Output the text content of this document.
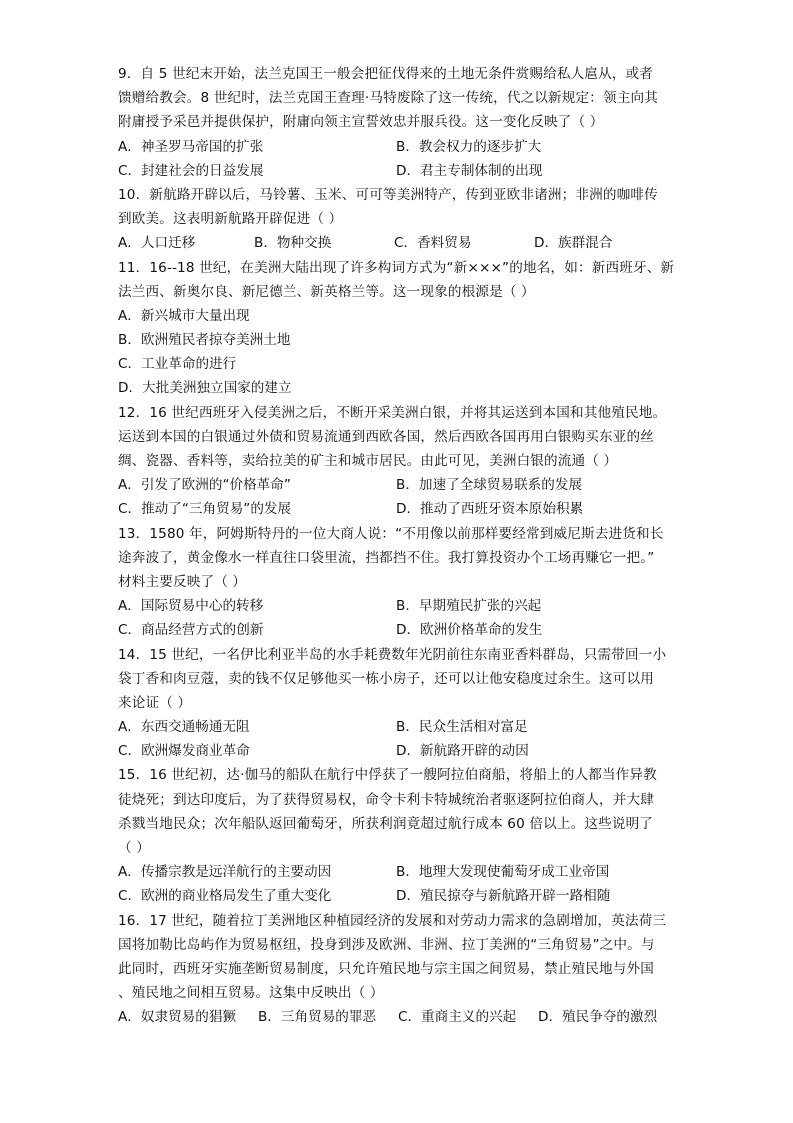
9．自 5 世纪末开始，法兰克国王一般会把征伐得来的土地无条件赏赐给私人扈从，或者
馈赠给教会。8 世纪时，法兰克国王查理·马特废除了这一传统，代之以新规定：领主向其
附庸授予采邑并提供保护，附庸向领主宣誓效忠并服兵役。这一变化反映了（ ）
A．神圣罗马帝国的扩张	B．教会权力的逐步扩大
C．封建社会的日益发展	D．君主专制体制的出现
10．新航路开辟以后，马铃薯、玉米、可可等美洲特产，传到亚欧非诸洲；非洲的咖啡传
到欧美。这表明新航路开辟促进（ ）
A．人口迁移	B．物种交换	C．香料贸易	D．族群混合
11．16--18 世纪，在美洲大陆出现了许多构词方式为“新×××”的地名，如：新西班牙、新
法兰西、新奥尔良、新尼德兰、新英格兰等。这一现象的根源是（ ）
A．新兴城市大量出现
B．欧洲殖民者掠夺美洲土地
C．工业革命的进行
D．大批美洲独立国家的建立
12．16 世纪西班牙入侵美洲之后，不断开采美洲白银，并将其运送到本国和其他殖民地。
运送到本国的白银通过外债和贸易流通到西欧各国，然后西欧各国再用白银购买东亚的丝
绸、瓷器、香料等，卖给拉美的矿主和城市居民。由此可见，美洲白银的流通（ ）
A．引发了欧洲的“价格革命”	B．加速了全球贸易联系的发展
C．推动了“三角贸易”的发展	D．推动了西班牙资本原始积累
13．1580 年，阿姆斯特丹的一位大商人说：“不用像以前那样要经常到威尼斯去进货和长
途奔波了，黄金像水一样直往口袋里流，挡都挡不住。我打算投资办个工场再赚它一把。”
材料主要反映了（ ）
A．国际贸易中心的转移	B．早期殖民扩张的兴起
C．商品经营方式的创新	D．欧洲价格革命的发生
14．15 世纪，一名伊比利亚半岛的水手耗费数年光阴前往东南亚香料群岛，只需带回一小
袋丁香和肉豆蔻，卖的钱不仅足够他买一栋小房子，还可以让他安稳度过余生。这可以用
来论证（ ）
A．东西交通畅通无阻	B．民众生活相对富足
C．欧洲爆发商业革命	D．新航路开辟的动因
15．16 世纪初，达·伽马的船队在航行中俘获了一艘阿拉伯商船，将船上的人都当作异教
徒烧死；到达印度后，为了获得贸易权，命令卡利卡特城统治者驱逐阿拉伯商人，并大肆
杀戮当地民众；次年船队返回葡萄牙，所获利润竟超过航行成本 60 倍以上。这些说明了
（ ）
A．传播宗教是远洋航行的主要动因	B．地理大发现使葡萄牙成工业帝国
C．欧洲的商业格局发生了重大变化	D．殖民掠夺与新航路开辟一路相随
16．17 世纪，随着拉丁美洲地区种植园经济的发展和对劳动力需求的急剧增加，英法荷三
国将加勒比岛屿作为贸易枢纽，投身到涉及欧洲、非洲、拉丁美洲的“三角贸易”之中。与
此同时，西班牙实施垄断贸易制度，只允许殖民地与宗主国之间贸易，禁止殖民地与外国
、殖民地之间相互贸易。这集中反映出（ ）
A．奴隶贸易的猖獗	B．三角贸易的罪恶	C．重商主义的兴起	D．殖民争夺的激烈
